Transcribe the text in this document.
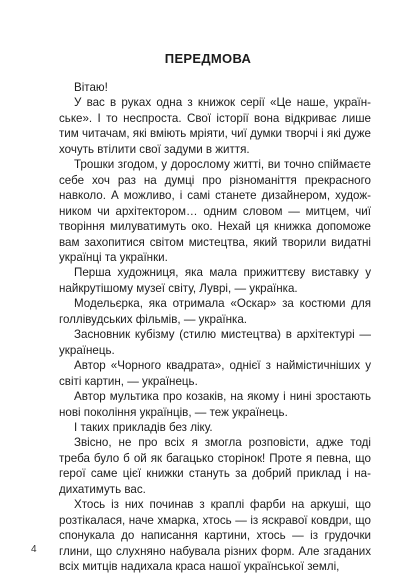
ПЕРЕДМОВА

Вітаю!

У вас в руках одна з книжок серії «Це наше, українське». І то неспроста. Свої історії вона відкриває лише тим читачам, які вміють мріяти, чиї думки творчі і які дуже хочуть втілити свої задуми в життя.

Трошки згодом, у дорослому житті, ви точно спіймаєте себе хоч раз на думці про різноманіття прекрасного навколо. А можливо, і самі станете дизайнером, художником чи архітектором… одним словом — митцем, чиї творіння милуватимуть око. Нехай ця книжка допоможе вам захопитися світом мистецтва, який творили видатні українці та українки.

Перша художниця, яка мала прижиттєву виставку у найкрутішому музеї світу, Луврі, — українка.

Модельєрка, яка отримала «Оскар» за костюми для голлівудських фільмів, — українка.

Засновник кубізму (стилю мистецтва) в архітектурі — українець.

Автор «Чорного квадрата», однієї з найміcтичніших у світі картин, — українець.

Автор мультика про козаків, на якому і нині зростають нові покоління українців, — теж українець.

І таких прикладів без ліку.

Звісно, не про всіх я змогла розповісти, адже тоді треба було б ой як багацько сторінок! Проте я певна, що герої саме цієї книжки стануть за добрий приклад і надихатимуть вас.

Хтось із них починав з краплі фарби на аркуші, що розтікалася, наче хмарка, хтось — із яскравої ковдри, що спонукала до написання картини, хтось — із грудочки глини, що слухняно набувала різних форм. Але згаданих всіх митців надихала краса нашої української землі,

4
